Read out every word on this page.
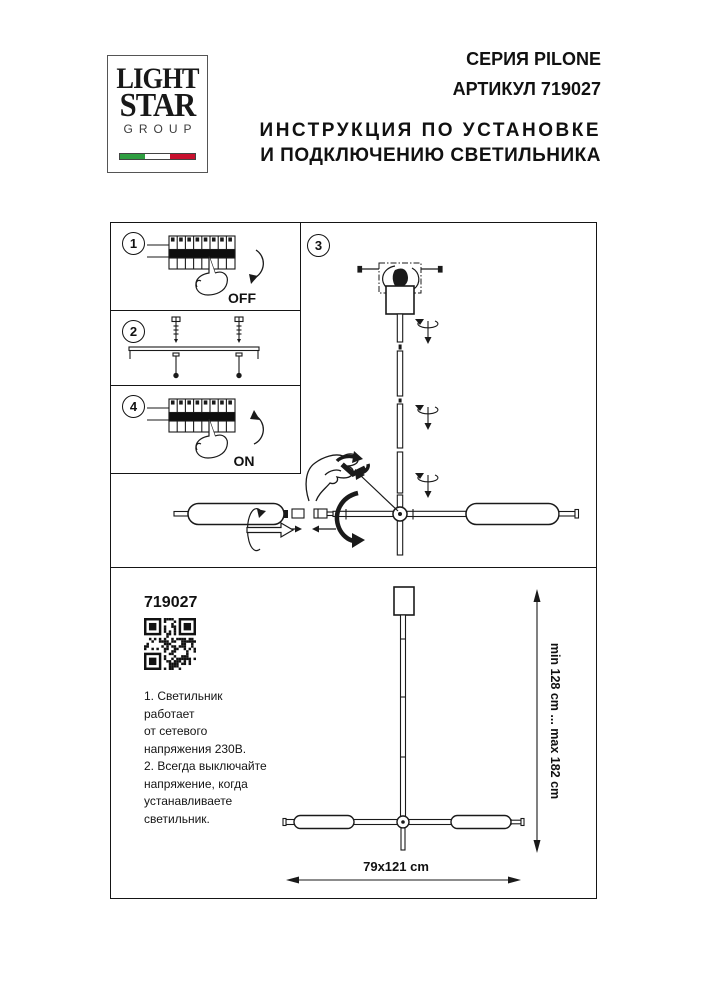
LIGHT
STAR
GROUP
СЕРИЯ PILONE
АРТИКУЛ 719027
ИНСТРУКЦИЯ ПО УСТАНОВКЕ
И ПОДКЛЮЧЕНИЮ СВЕТИЛЬНИКА
3
OFF
1
2
ON
4
min 128 cm ... max 182 cm
79x121 cm
719027
1. Светильник
работает
от сетевого
напряжения 230В.
2. Всегда выключайте
напряжение, когда
устанавливаете
светильник.
